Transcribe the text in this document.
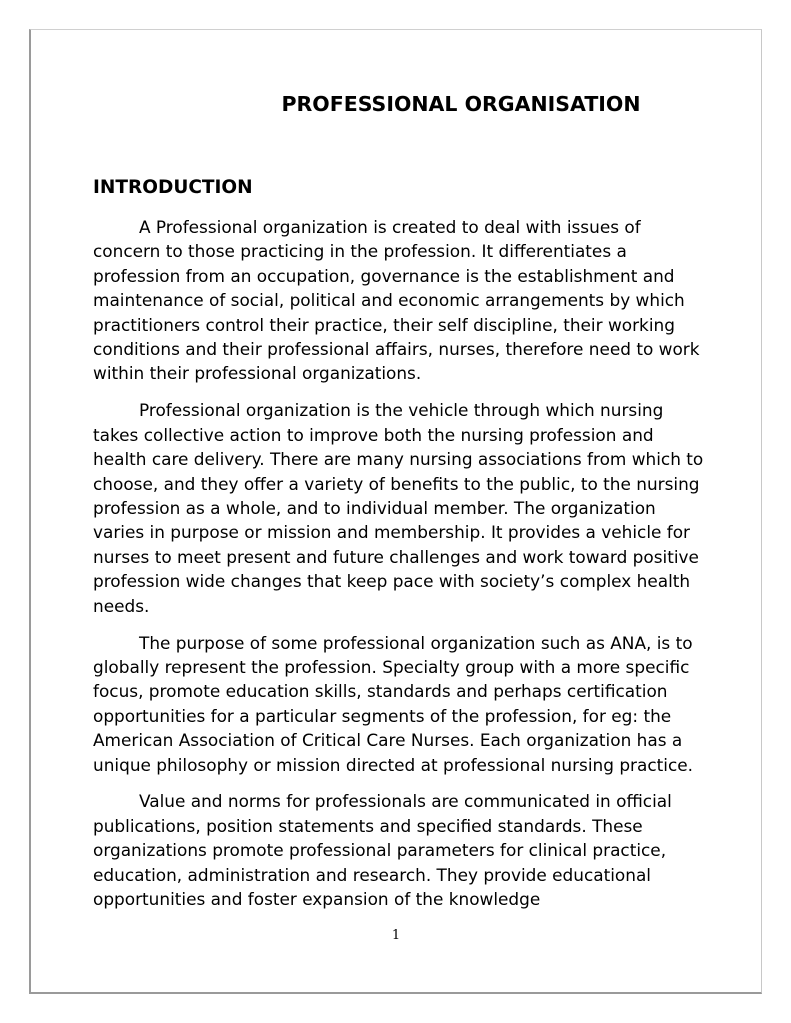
PROFESSIONAL ORGANISATION
INTRODUCTION

A Professional organization is created to deal with issues of concern to those practicing in the profession. It differentiates a profession from an occupation, governance is the establishment and maintenance of social, political and economic arrangements by which practitioners control their practice, their self discipline, their working conditions and their professional affairs, nurses, therefore need to work within their professional organizations.

Professional organization is the vehicle through which nursing takes collective action to improve both the nursing profession and health care delivery. There are many nursing associations from which to choose, and they offer a variety of benefits to the public, to the nursing profession as a whole, and to individual member. The organization varies in purpose or mission and membership. It provides a vehicle for nurses to meet present and future challenges and work toward positive profession wide changes that keep pace with society’s complex health needs.

The purpose of some professional organization such as ANA, is to globally represent the profession. Specialty group with a more specific focus, promote education skills, standards and perhaps certification opportunities for a particular segments of the profession, for eg: the American Association of Critical Care Nurses. Each organization has a unique philosophy or mission directed at professional nursing practice.

Value and norms for professionals are communicated in official publications, position statements and specified standards. These organizations promote professional parameters for clinical practice, education, administration and research. They provide educational opportunities and foster expansion of the knowledge

1
